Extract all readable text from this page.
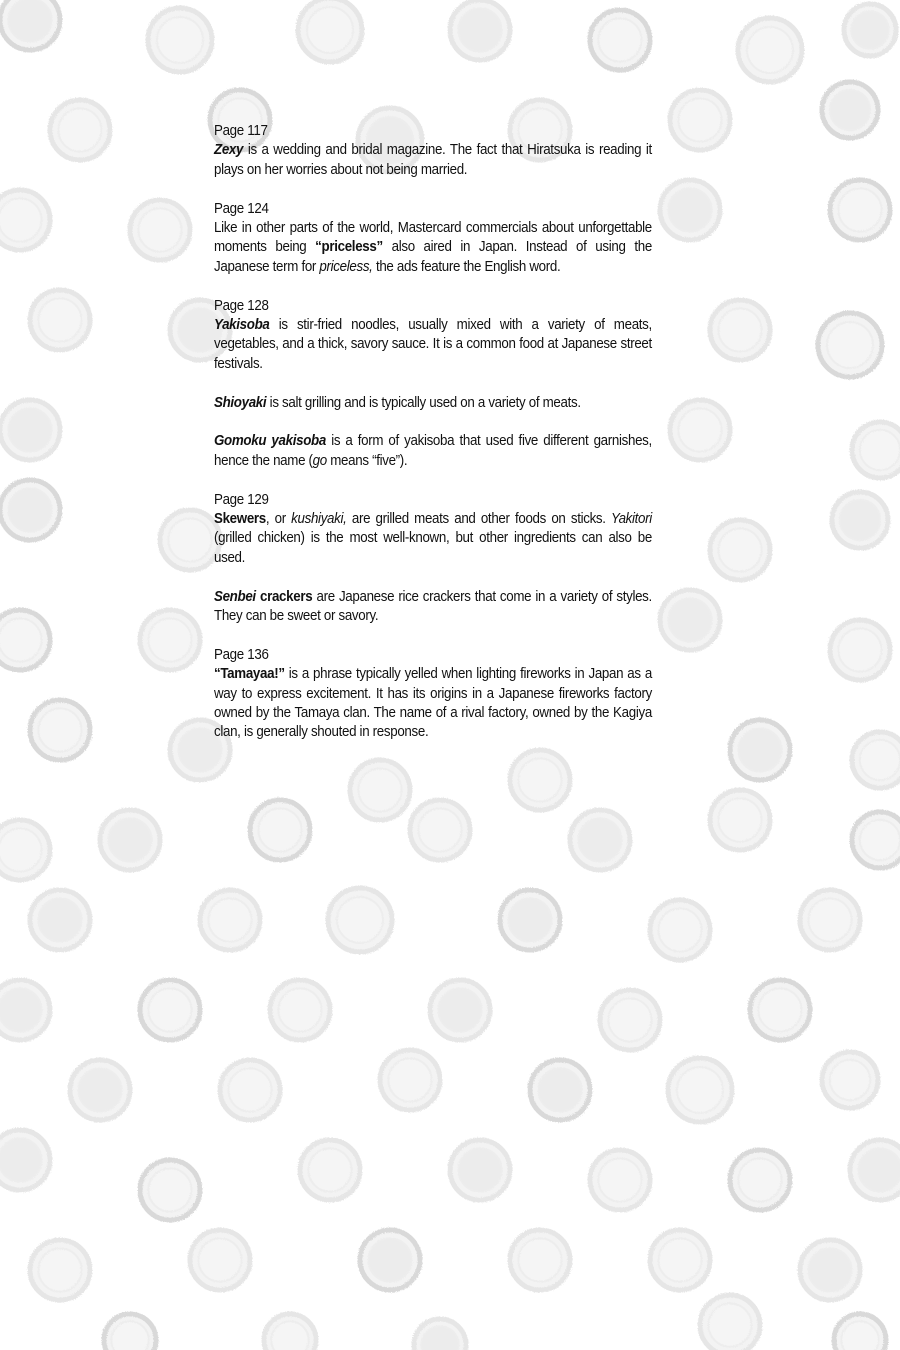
Page 117

Zexy is a wedding and bridal magazine. The fact that Hiratsuka is reading it plays on her worries about not being married.

Page 124

Like in other parts of the world, Mastercard commercials about unforgettable moments being “priceless” also aired in Japan. Instead of using the Japanese term for priceless, the ads feature the English word.

Page 128

Yakisoba is stir-fried noodles, usually mixed with a variety of meats, vegetables, and a thick, savory sauce. It is a common food at Japanese street festivals.

Shioyaki is salt grilling and is typically used on a variety of meats.

Gomoku yakisoba is a form of yakisoba that used five different garnishes, hence the name (go means “five”).

Page 129

Skewers, or kushiyaki, are grilled meats and other foods on sticks. Yakitori (grilled chicken) is the most well-known, but other ingredients can also be used.

Senbei crackers are Japanese rice crackers that come in a variety of styles. They can be sweet or savory.

Page 136

“Tamayaa!” is a phrase typically yelled when lighting fireworks in Japan as a way to express excitement. It has its origins in a Japanese fireworks factory owned by the Tamaya clan. The name of a rival factory, owned by the Kagiya clan, is generally shouted in response.
